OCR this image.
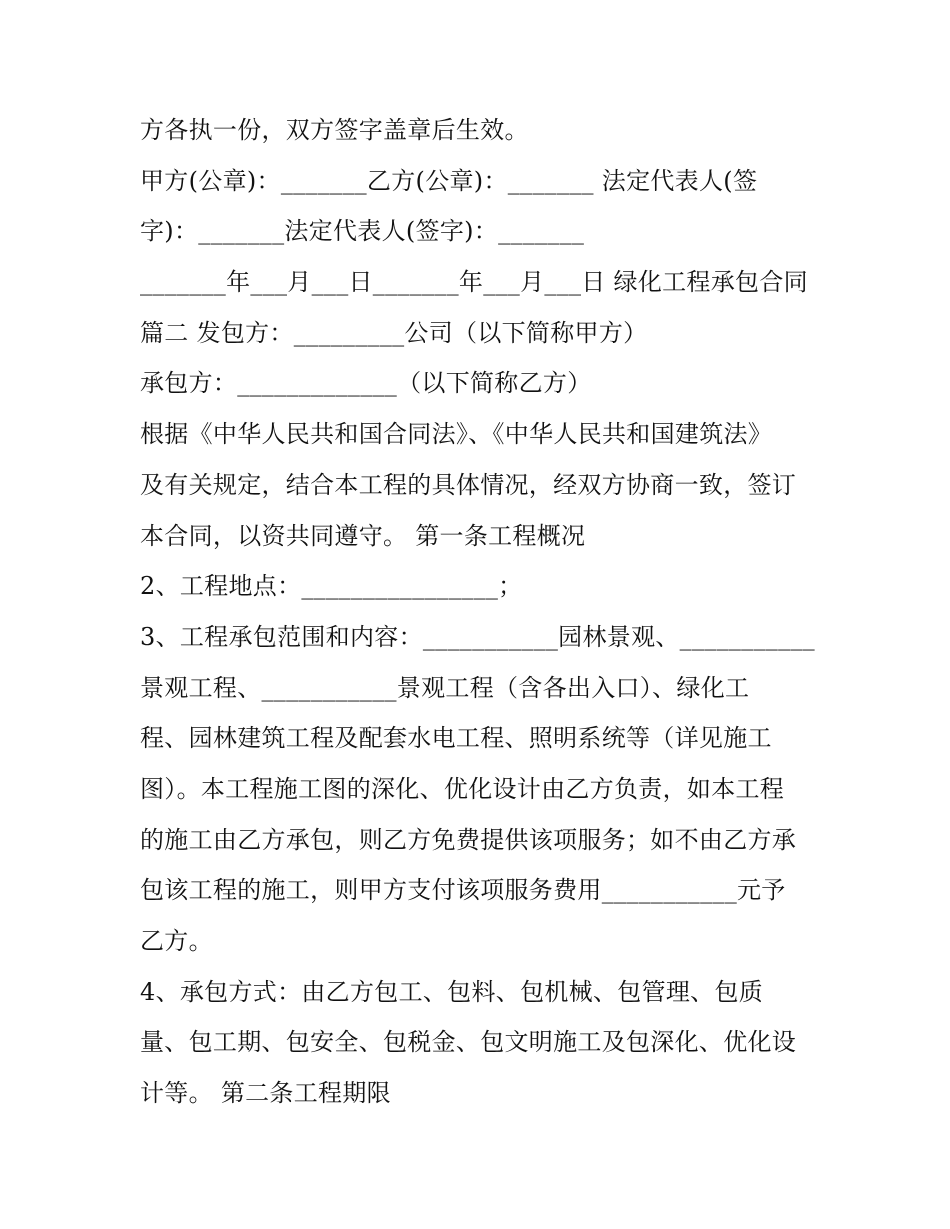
方各执一份，双方签字盖章后生效。
甲方(公章)：_______乙方(公章)：_______ 法定代表人(签
字)：_______法定代表人(签字)：_______
_______年___月___日_______年___月___日 绿化工程承包合同
篇二 发包方：_________公司（以下简称甲方）
承包方：_____________（以下简称乙方）
根据《中华人民共和国合同法》、《中华人民共和国建筑法》
及有关规定，结合本工程的具体情况，经双方协商一致，签订
本合同，以资共同遵守。 第一条工程概况
2、工程地点：________________；
3、工程承包范围和内容：___________园林景观、___________
景观工程、___________景观工程（含各出入口）、绿化工
程、园林建筑工程及配套水电工程、照明系统等（详见施工
图）。本工程施工图的深化、优化设计由乙方负责，如本工程
的施工由乙方承包，则乙方免费提供该项服务；如不由乙方承
包该工程的施工，则甲方支付该项服务费用___________元予
乙方。
4、承包方式：由乙方包工、包料、包机械、包管理、包质
量、包工期、包安全、包税金、包文明施工及包深化、优化设
计等。 第二条工程期限
